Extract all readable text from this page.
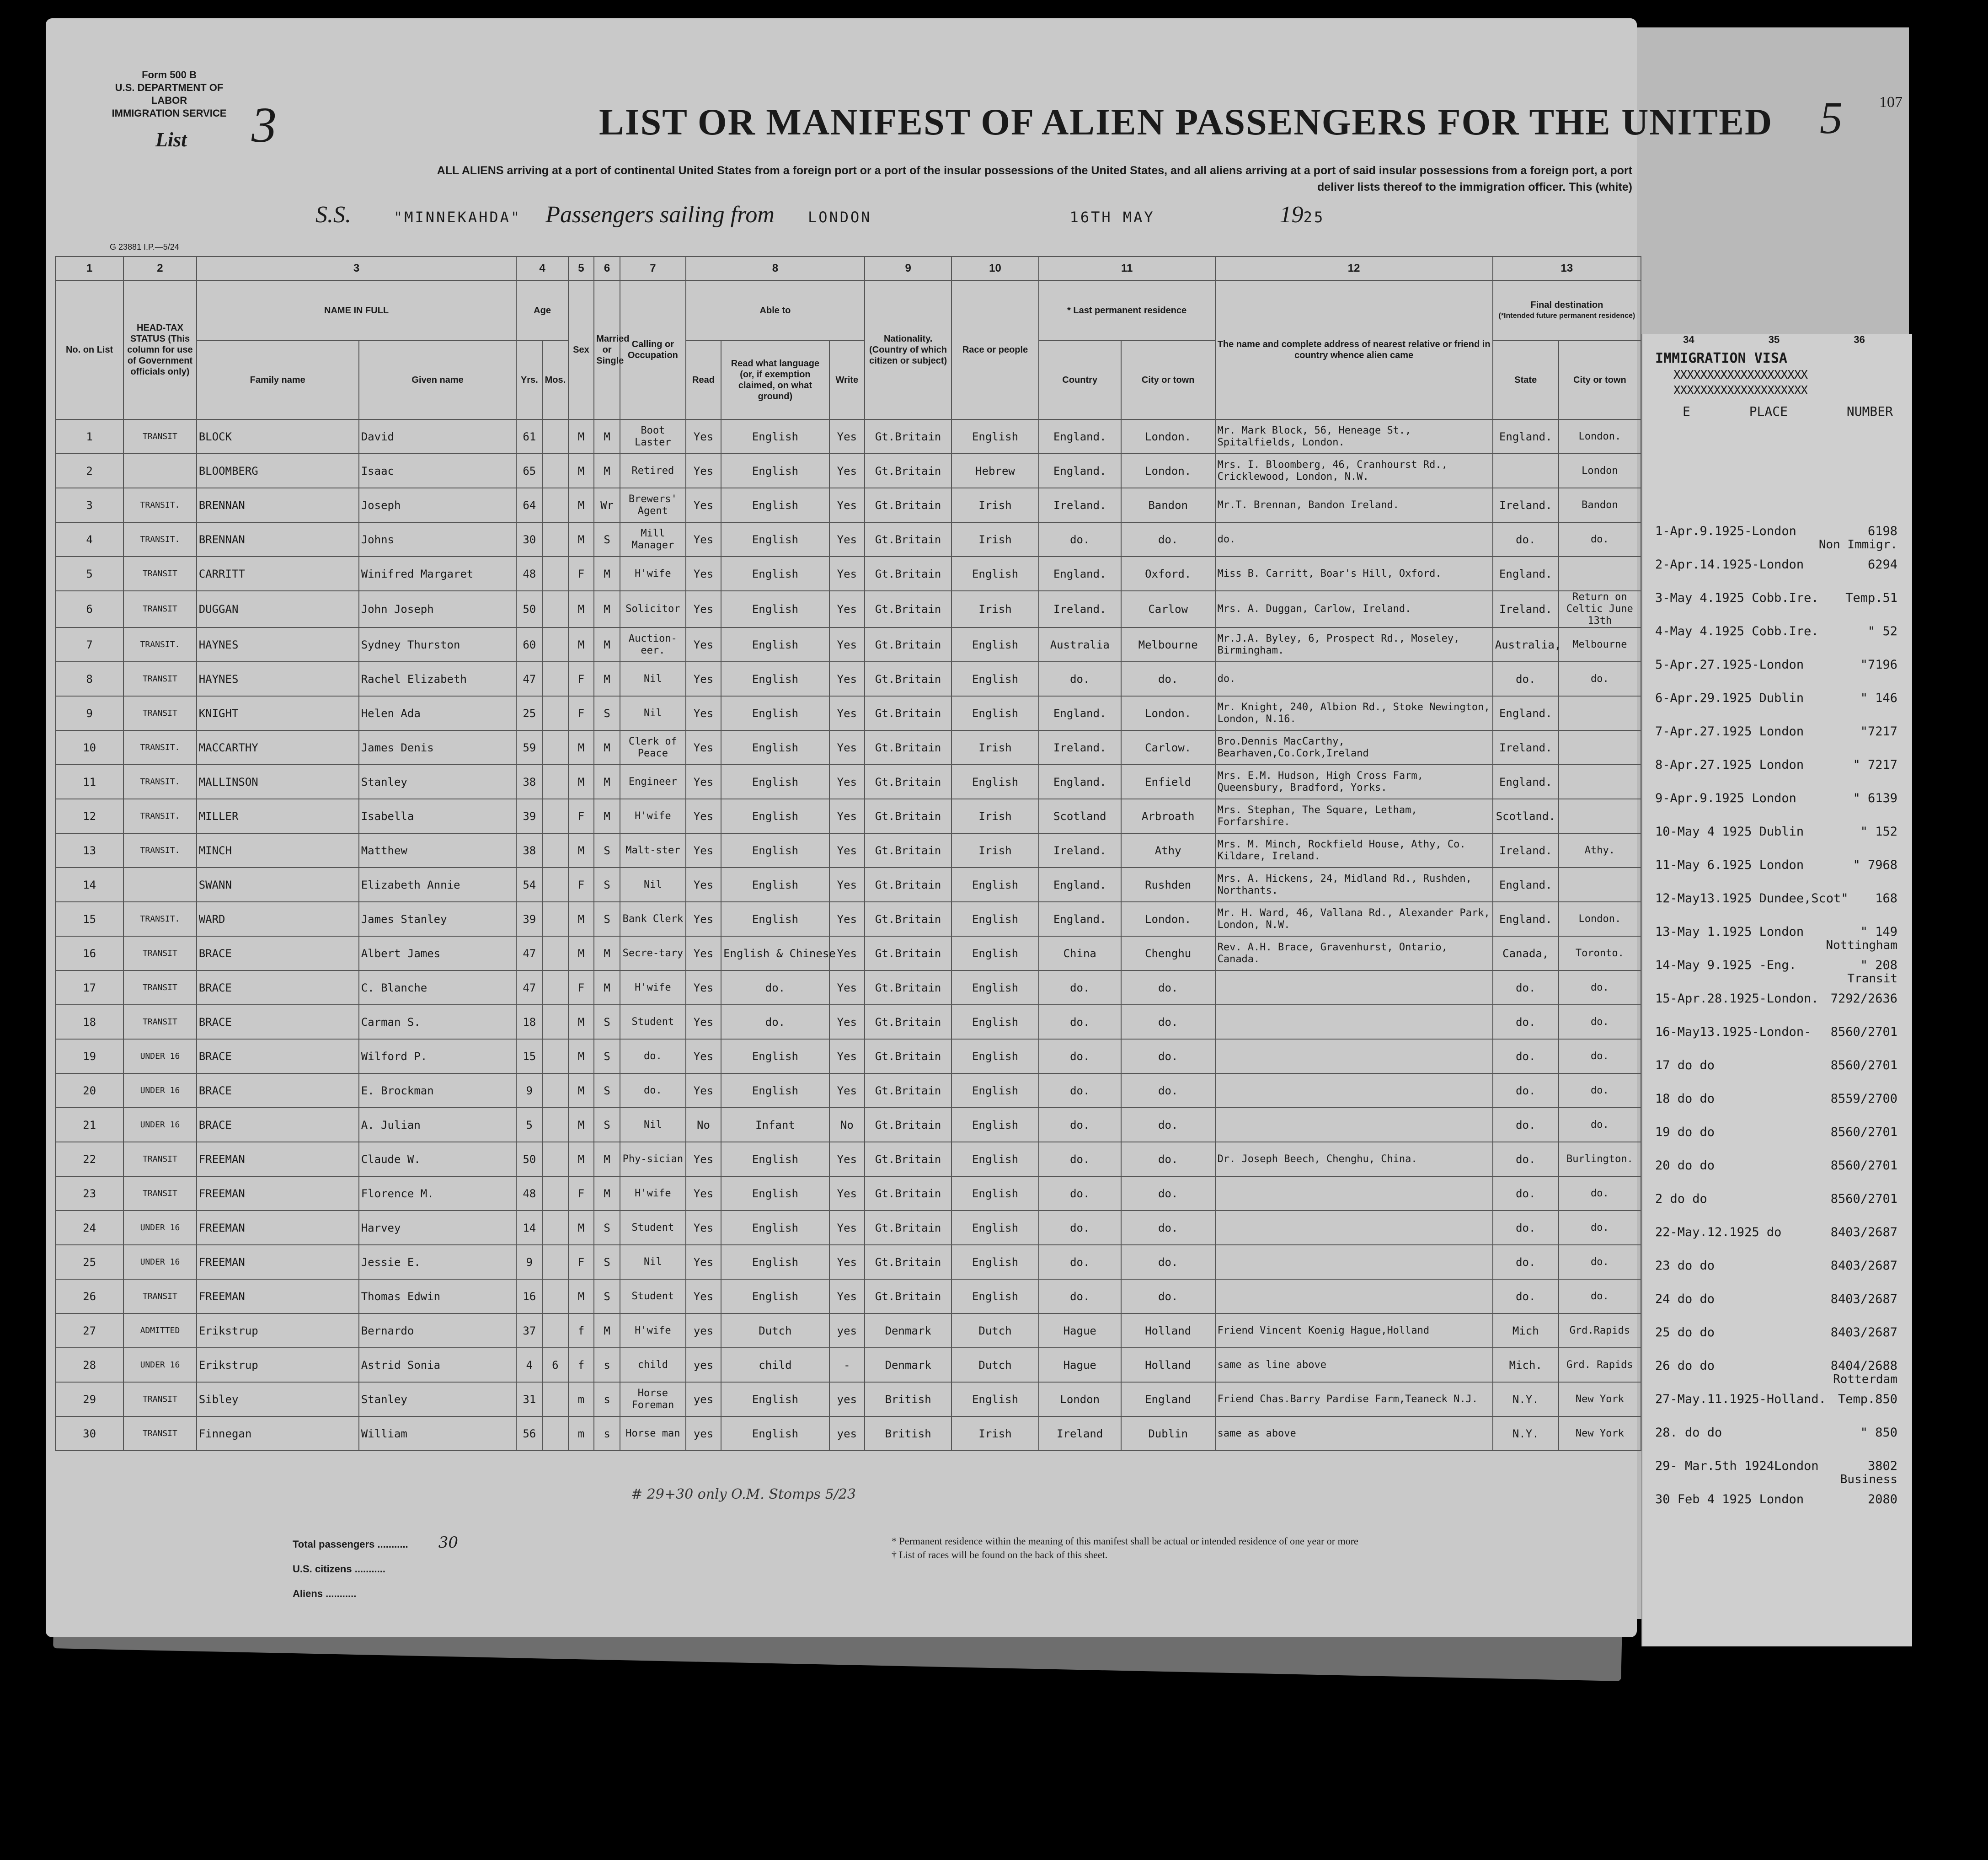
Form 500 B
U.S. DEPARTMENT OF LABOR
IMMIGRATION SERVICE
List 3	LIST OR MANIFEST OF ALIEN PASSENGERS FOR THE UNITED
ALL ALIENS arriving at a port of continental United States from a foreign port or a port of the insular possessions of the United States, and all aliens arriving at a port of said insular possessions from a foreign port, a port
deliver lists thereof to the immigration officer. This (white)
S.S.	"MINNEKAHDA" Passengers sailing from LONDON	16TH MAY	1925
G 23881 I.P.—5/24
5 107
1	2	3		4		5	6	7	8			9	10	11		12	13	
No. on List	HEAD-TAX STATUS (This column for use of Government officials only)	NAME IN FULL		Age		Sex	Married or Single	Calling or Occupation	Able to			Nationality. (Country of which citizen or subject)	Race or people	* Last permanent residence		The name and complete address of nearest relative or friend in country whence alien came	Final destination
(*Intended future permanent residence)	

		Family name	Given name	Yrs.	Mos.				Read	Read what language (or, if exemption claimed, on what ground)	Write			Country	City or town		State	City or town
1	TRANSIT	BLOCK	David	61		M	M	Boot Laster	Yes	English	Yes	Gt.Britain	English	England.	London.	Mr. Mark Block, 56, Heneage St., Spitalfields, London.	England.	London.
2		BLOOMBERG	Isaac	65		M	M	Retired	Yes	English	Yes	Gt.Britain	Hebrew	England.	London.	Mrs. I. Bloomberg, 46, Cranhourst Rd., Cricklewood, London, N.W.		London
3	TRANSIT.	BRENNAN	Joseph	64		M	Wr	Brewers' Agent	Yes	English	Yes	Gt.Britain	Irish	Ireland.	Bandon	Mr.T. Brennan, Bandon Ireland.	Ireland.	Bandon
4	TRANSIT.	BRENNAN	Johns	30		M	S	Mill Manager	Yes	English	Yes	Gt.Britain	Irish	do.	do.	do.	do.	do.
5	TRANSIT	CARRITT	Winifred Margaret	48		F	M	H'wife	Yes	English	Yes	Gt.Britain	English	England.	Oxford.	Miss B. Carritt, Boar's Hill, Oxford.	England.	
6	TRANSIT	DUGGAN	John Joseph	50		M	M	Solicitor	Yes	English	Yes	Gt.Britain	Irish	Ireland.	Carlow	Mrs. A. Duggan, Carlow, Ireland.	Ireland.	Return on Celtic June 13th
7	TRANSIT.	HAYNES	Sydney Thurston	60		M	M	Auction-eer.	Yes	English	Yes	Gt.Britain	English	Australia	Melbourne	Mr.J.A. Byley, 6, Prospect Rd., Moseley, Birmingham.	Australia,	Melbourne
8	TRANSIT	HAYNES	Rachel Elizabeth	47		F	M	Nil	Yes	English	Yes	Gt.Britain	English	do.	do.	do.	do.	do.
9	TRANSIT	KNIGHT	Helen Ada	25		F	S	Nil	Yes	English	Yes	Gt.Britain	English	England.	London.	Mr. Knight, 240, Albion Rd., Stoke Newington, London, N.16.	England.	
10	TRANSIT.	MACCARTHY	James Denis	59		M	M	Clerk of Peace	Yes	English	Yes	Gt.Britain	Irish	Ireland.	Carlow.	Bro.Dennis MacCarthy, Bearhaven,Co.Cork,Ireland	Ireland.	
11	TRANSIT.	MALLINSON	Stanley	38		M	M	Engineer	Yes	English	Yes	Gt.Britain	English	England.	Enfield	Mrs. E.M. Hudson, High Cross Farm, Queensbury, Bradford, Yorks.	England.	
12	TRANSIT.	MILLER	Isabella	39		F	M	H'wife	Yes	English	Yes	Gt.Britain	Irish	Scotland	Arbroath	Mrs. Stephan, The Square, Letham, Forfarshire.	Scotland.	
13	TRANSIT.	MINCH	Matthew	38		M	S	Malt-ster	Yes	English	Yes	Gt.Britain	Irish	Ireland.	Athy	Mrs. M. Minch, Rockfield House, Athy, Co. Kildare, Ireland.	Ireland.	Athy.
14		SWANN	Elizabeth Annie	54		F	S	Nil	Yes	English	Yes	Gt.Britain	English	England.	Rushden	Mrs. A. Hickens, 24, Midland Rd., Rushden, Northants.	England.	
15	TRANSIT.	WARD	James Stanley	39		M	S	Bank Clerk	Yes	English	Yes	Gt.Britain	English	England.	London.	Mr. H. Ward, 46, Vallana Rd., Alexander Park, London, N.W.	England.	London.
16	TRANSIT	BRACE	Albert James	47		M	M	Secre-tary	Yes	English & Chinese	Yes	Gt.Britain	English	China	Chenghu	Rev. A.H. Brace, Gravenhurst, Ontario, Canada.	Canada,	Toronto.
17	TRANSIT	BRACE	C. Blanche	47		F	M	H'wife	Yes	do.	Yes	Gt.Britain	English	do.	do.		do.	do.
18	TRANSIT	BRACE	Carman S.	18		M	S	Student	Yes	do.	Yes	Gt.Britain	English	do.	do.		do.	do.
19	UNDER 16	BRACE	Wilford P.	15		M	S	do.	Yes	English	Yes	Gt.Britain	English	do.	do.		do.	do.
20	UNDER 16	BRACE	E. Brockman	9		M	S	do.	Yes	English	Yes	Gt.Britain	English	do.	do.		do.	do.
21	UNDER 16	BRACE	A. Julian	5		M	S	Nil	No	Infant	No	Gt.Britain	English	do.	do.		do.	do.
22	TRANSIT	FREEMAN	Claude W.	50		M	M	Phy-sician	Yes	English	Yes	Gt.Britain	English	do.	do.	Dr. Joseph Beech, Chenghu, China.	do.	Burlington.
23	TRANSIT	FREEMAN	Florence M.	48		F	M	H'wife	Yes	English	Yes	Gt.Britain	English	do.	do.		do.	do.
24	UNDER 16	FREEMAN	Harvey	14		M	S	Student	Yes	English	Yes	Gt.Britain	English	do.	do.		do.	do.
25	UNDER 16	FREEMAN	Jessie E.	9		F	S	Nil	Yes	English	Yes	Gt.Britain	English	do.	do.		do.	do.
26	TRANSIT	FREEMAN	Thomas Edwin	16		M	S	Student	Yes	English	Yes	Gt.Britain	English	do.	do.		do.	do.
27	ADMITTED	Erikstrup	Bernardo	37		f	M	H'wife	yes	Dutch	yes	Denmark	Dutch	Hague	Holland	Friend Vincent Koenig Hague,Holland	Mich	Grd.Rapids
28	UNDER 16	Erikstrup	Astrid Sonia	4	6	f	s	child	yes	child	-	Denmark	Dutch	Hague	Holland	same as line above	Mich.	Grd. Rapids
29	TRANSIT	Sibley	Stanley	31		m	s	Horse Foreman	yes	English	yes	British	English	London	England	Friend Chas.Barry Pardise Farm,Teaneck N.J.	N.Y.	New York
30	TRANSIT	Finnegan	William	56		m	s	Horse man	yes	English	yes	British	Irish	Ireland	Dublin	same as above	N.Y.	New York
Total passengers ........... 30
U.S. citizens ...........
Aliens ...........
* Permanent residence within the meaning of this manifest shall be actual or intended residence of one year or more
† List of races will be found on the back of this sheet.
# 29+30 only O.M. Stomps 5/23
34	35	36
IMMIGRATION VISA
XXXXXXXXXXXXXXXXXXXX
XXXXXXXXXXXXXXXXXXXX
E	PLACE	NUMBER
1-Apr.9.1925-London	6198
Non Immigr.
2-Apr.14.1925-London	6294
3-May 4.1925 Cobb.Ire. Temp.51
4-May 4.1925 Cobb.Ire.	" 52
5-Apr.27.1925-London	"7196
6-Apr.29.1925 Dublin	" 146
7-Apr.27.1925 London	"7217
8-Apr.27.1925 London	" 7217
9-Apr.9.1925 London	" 6139
10-May 4 1925 Dublin	" 152
11-May 6.1925 London	" 7968
12-May13.1925 Dundee,Scot" 168
13-May 1.1925 London	" 149
Nottingham
14-May 9.1925 -Eng.	" 208
Transit
15-Apr.28.1925-London. 7292/2636
16-May13.1925-London- 8560/2701
17 do do	8560/2701
18 do do	8559/2700
19 do do	8560/2701
20 do do	8560/2701
2 do do	8560/2701
22-May.12.1925 do	8403/2687
23 do do	8403/2687
24 do do	8403/2687
25 do do	8403/2687
26 do do	8404/2688
Rotterdam
27-May.11.1925-Holland. Temp.850
28. do do	" 850
29- Mar.5th 1924London	3802
Business
30 Feb 4 1925 London	2080
